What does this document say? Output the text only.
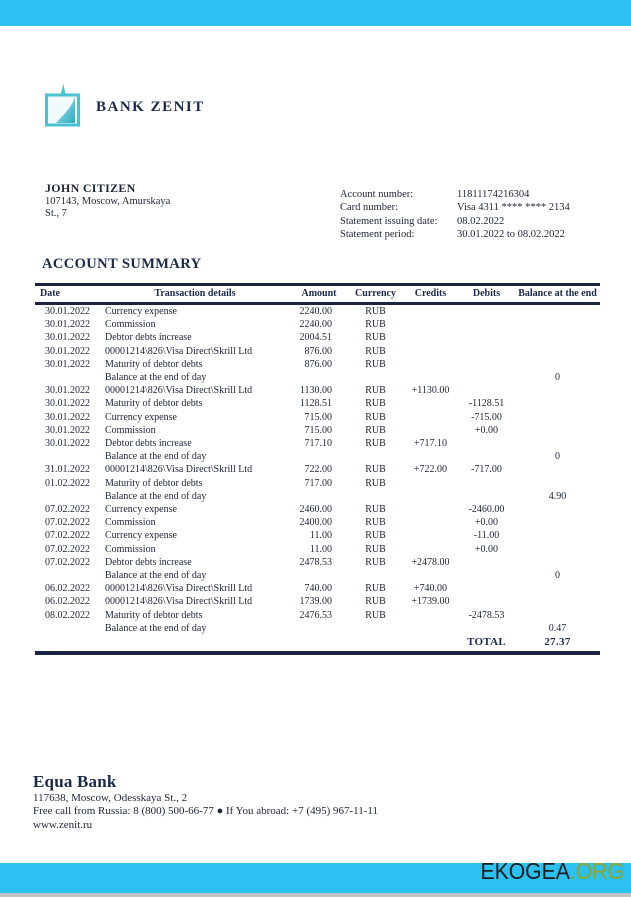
BANK ZENIT
JOHN CITIZEN
107143, Moscow, Amurskaya
St., 7
Account number:	11811174216304
Card number:	Visa 4311 **** **** 2134
Statement issuing date:	08.02.2022
Statement period:	30.01.2022 to 08.02.2022
ACCOUNT SUMMARY
Date	Transaction details	Amount	Currency	Credits	Debits	Balance at the end
30.01.2022	Currency expense	2240.00	RUB			
30.01.2022	Commission	2240.00	RUB			
30.01.2022	Debtor debts increase	2004.51	RUB			
30.01.2022	00001214\826\Visa Direct\Skrill Ltd	876.00	RUB			
30.01.2022	Maturity of debtor debts	876.00	RUB			
	Balance at the end of day					0
30.01.2022	00001214\826\Visa Direct\Skrill Ltd	1130.00	RUB	+1130.00		
30.01.2022	Maturity of debtor debts	1128.51	RUB		-1128.51	
30.01.2022	Currency expense	715.00	RUB		-715.00	
30.01.2022	Commission	715.00	RUB		+0.00	
30.01.2022	Debtor debts increase	717.10	RUB	+717.10		
	Balance at the end of day					0
31.01.2022	00001214\826\Visa Direct\Skrill Ltd	722.00	RUB	+722.00	-717.00	
01.02.2022	Maturity of debtor debts	717.00	RUB			
	Balance at the end of day					4.90
07.02.2022	Currency expense	2460.00	RUB		-2460.00	
07.02.2022	Commission	2400.00	RUB		+0.00	
07.02.2022	Currency expense	11.00	RUB		-11.00	
07.02.2022	Commission	11.00	RUB		+0.00	
07.02.2022	Debtor debts increase	2478.53	RUB	+2478.00		
	Balance at the end of day					0
06.02.2022	00001214\826\Visa Direct\Skrill Ltd	740.00	RUB	+740.00		
06.02.2022	00001214\826\Visa Direct\Skrill Ltd	1739.00	RUB	+1739.00		
08.02.2022	Maturity of debtor debts	2476.53	RUB		-2478.53	
	Balance at the end of day					0.47
					TOTAL	27.37
Equa Bank
117638, Moscow, Odesskaya St., 2
Free call from Russia: 8 (800) 500-66-77 ● If You abroad: +7 (495) 967-11-11
www.zenit.ru
EKOGEA.ORG
